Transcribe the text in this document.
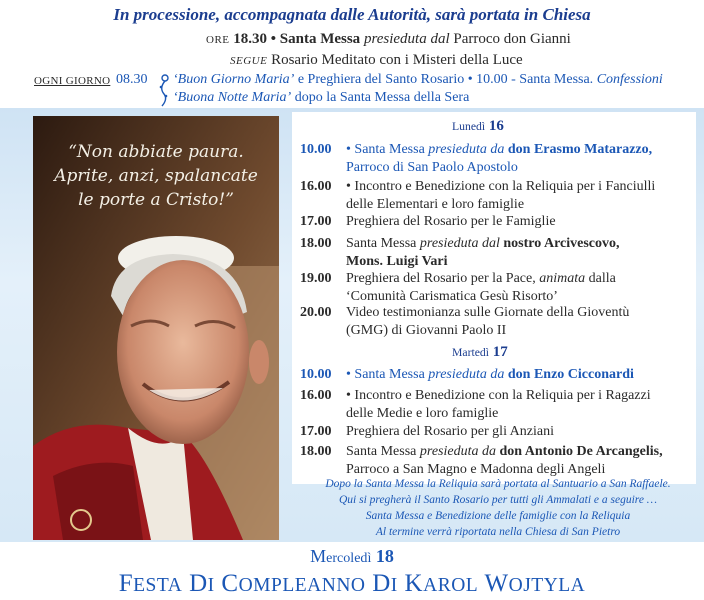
In processione, accompagnata dalle Autorità, sarà portata in Chiesa
ORE 18.30 • Santa Messa presieduta dal Parroco don Gianni
SEGUE Rosario Meditato con i Misteri della Luce
OGNI GIORNO 08.30 ‘Buon Giorno Maria’ e Preghiera del Santo Rosario • 10.00 - Santa Messa. Confessioni
‘Buona Notte Maria’ dopo la Santa Messa della Sera
“Non abbiate paura.
Aprite, anzi, spalancate
le porte a Cristo!”
Lunedì 16
10.00	• Santa Messa presieduta da don Erasmo Matarazzo,
Parroco di San Paolo Apostolo
16.00	• Incontro e Benedizione con la Reliquia per i Fanciulli
delle Elementari e loro famiglie
17.00	Preghiera del Rosario per le Famiglie
18.00	Santa Messa presieduta dal nostro Arcivescovo,
Mons. Luigi Vari
19.00	Preghiera del Rosario per la Pace, animata dalla
‘Comunità Carismatica Gesù Risorto’
20.00	Video testimonianza sulle Giornate della Gioventù
(GMG) di Giovanni Paolo II
Martedì 17
10.00	• Santa Messa presieduta da don Enzo Cicconardi
16.00	• Incontro e Benedizione con la Reliquia per i Ragazzi
delle Medie e loro famiglie
17.00	Preghiera del Rosario per gli Anziani
18.00	Santa Messa presieduta da don Antonio De Arcangelis,
Parroco a San Magno e Madonna degli Angeli
Dopo la Santa Messa la Reliquia sarà portata al Santuario a San Raffaele.
Qui si pregherà il Santo Rosario per tutti gli Ammalati e a seguire …
Santa Messa e Benedizione delle famiglie con la Reliquia
Al termine verrà riportata nella Chiesa di San Pietro
Mercoledì 18
FESTA DI COMPLEANNO DI KAROL WOJTYLA
